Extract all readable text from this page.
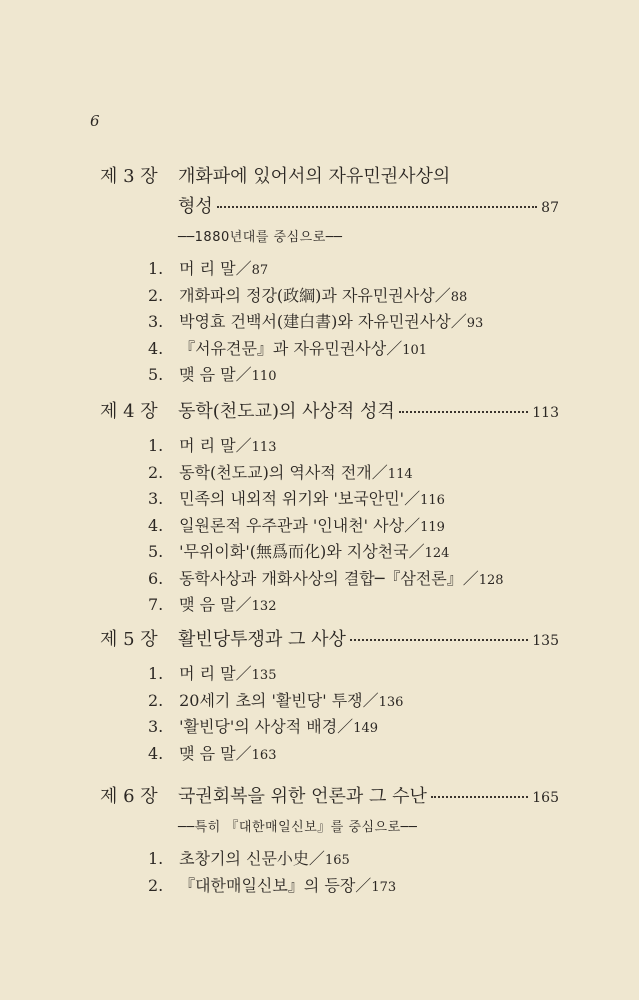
6
제 3 장	개화파에 있어서의 자유민권사상의
형성	87
──1880년대를 중심으로──
1. 머 리 말／87
2. 개화파의 정강(政綱)과 자유민권사상／88
3. 박영효 건백서(建白書)와 자유민권사상／93
4. 『서유견문』과 자유민권사상／101
5. 맺 음 말／110
제 4 장	동학(천도교)의 사상적 성격	113
1. 머 리 말／113
2. 동학(천도교)의 역사적 전개／114
3. 민족의 내외적 위기와 '보국안민'／116
4. 일원론적 우주관과 '인내천' 사상／119
5. '무위이화'(無爲而化)와 지상천국／124
6. 동학사상과 개화사상의 결합─『삼전론』／128
7. 맺 음 말／132
제 5 장	활빈당투쟁과 그 사상	135
1. 머 리 말／135
2. 20세기 초의 '활빈당' 투쟁／136
3. '활빈당'의 사상적 배경／149
4. 맺 음 말／163
제 6 장	국권회복을 위한 언론과 그 수난	165
──특히 『대한매일신보』를 중심으로──
1. 초창기의 신문小史／165
2. 『대한매일신보』의 등장／173
